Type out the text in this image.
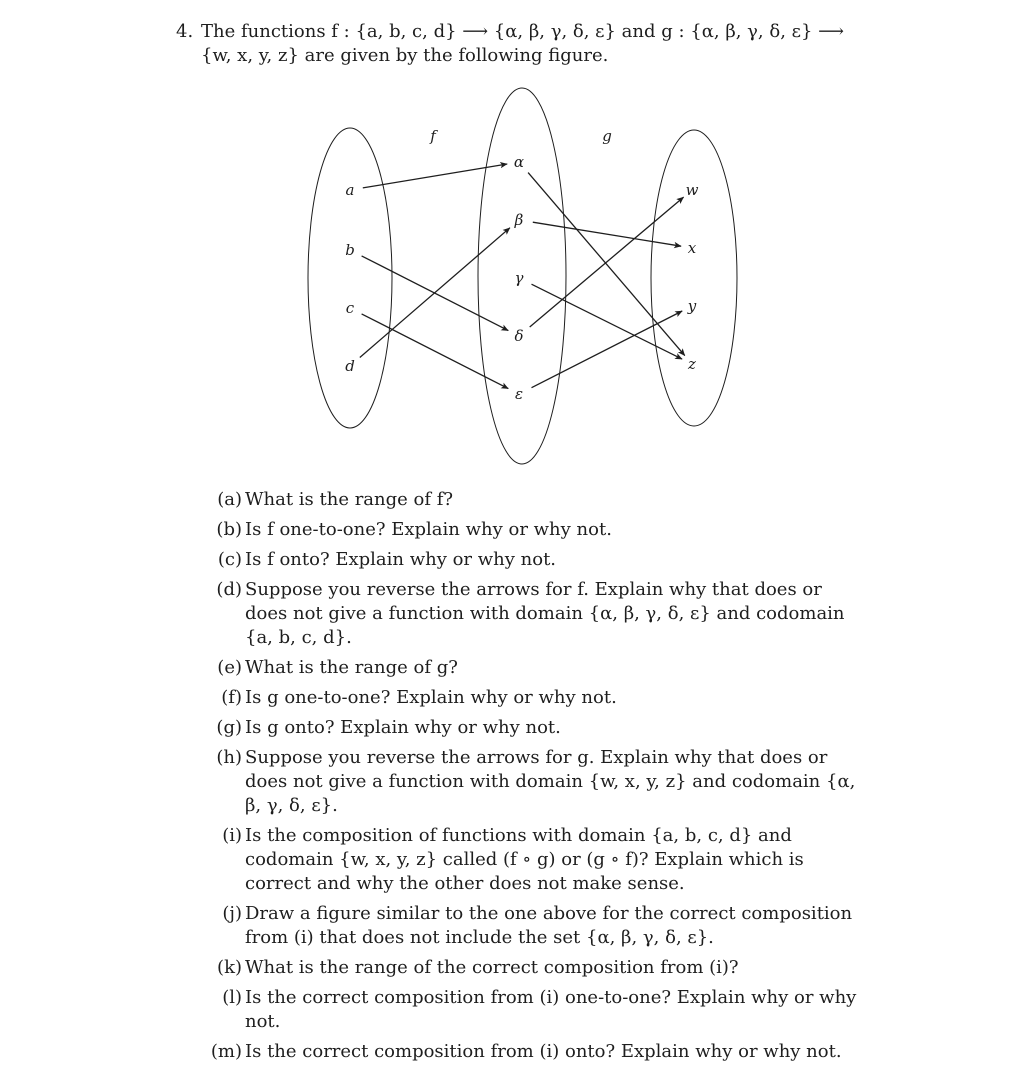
4. The functions f : {a, b, c, d} ⟶ {α, β, γ, δ, ε} and g : {α, β, γ, δ, ε} ⟶
{w, x, y, z} are given by the following figure.
f	g
a
b
c
d
α
β
γ
δ
ε
w
x
y
z
(a) What is the range of f?
(b) Is f one-to-one? Explain why or why not.
(c) Is f onto? Explain why or why not.
(d) Suppose you reverse the arrows for f. Explain why that does or does not give a function with domain {α, β, γ, δ, ε} and codomain {a, b, c, d}.
(e) What is the range of g?
(f) Is g one-to-one? Explain why or why not.
(g) Is g onto? Explain why or why not.
(h) Suppose you reverse the arrows for g. Explain why that does or does not give a function with domain {w, x, y, z} and codomain {α, β, γ, δ, ε}.
(i) Is the composition of functions with domain {a, b, c, d} and codomain {w, x, y, z} called (f ∘ g) or (g ∘ f)? Explain which is correct and why the other does not make sense.
(j) Draw a figure similar to the one above for the correct composition from (i) that does not include the set {α, β, γ, δ, ε}.
(k) What is the range of the correct composition from (i)?
(l) Is the correct composition from (i) one-to-one? Explain why or why not.
(m) Is the correct composition from (i) onto? Explain why or why not.
